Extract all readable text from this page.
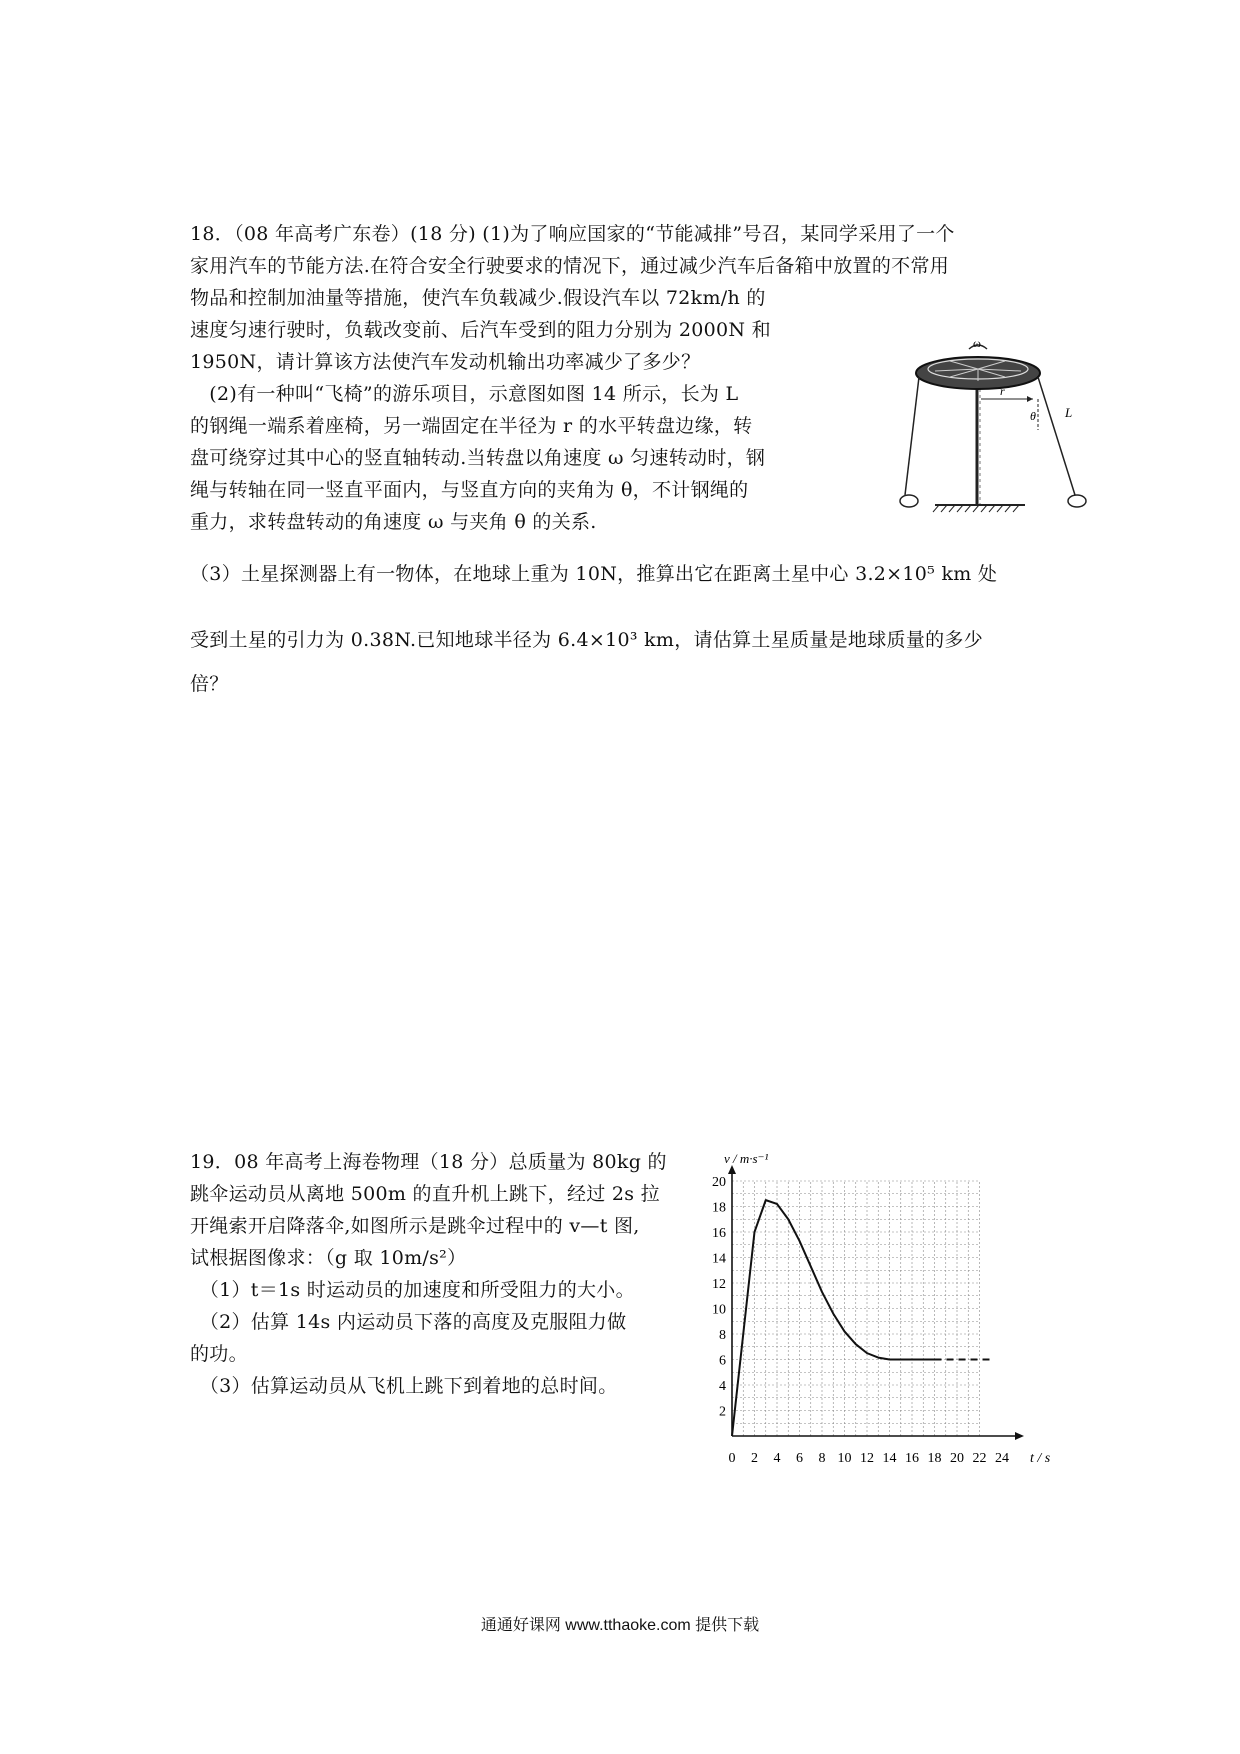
18．（08 年高考广东卷）(18 分) (1)为了响应国家的“节能减排”号召，某同学采用了一个
家用汽车的节能方法.在符合安全行驶要求的情况下，通过减少汽车后备箱中放置的不常用
物品和控制加油量等措施，使汽车负载减少.假设汽车以 72km/h 的
速度匀速行驶时，负载改变前、后汽车受到的阻力分别为 2000N 和
1950N，请计算该方法使汽车发动机输出功率减少了多少？
　(2)有一种叫“飞椅”的游乐项目，示意图如图 14 所示，长为 L
的钢绳一端系着座椅，另一端固定在半径为 r 的水平转盘边缘，转
盘可绕穿过其中心的竖直轴转动.当转盘以角速度 ω 匀速转动时，钢
绳与转轴在同一竖直平面内，与竖直方向的夹角为 θ，不计钢绳的
重力，求转盘转动的角速度 ω 与夹角 θ 的关系.
ω
r
θ L
（3）土星探测器上有一物体，在地球上重为 10N，推算出它在距离土星中心 3.2×10⁵ km 处
受到土星的引力为 0.38N.已知地球半径为 6.4×10³ km，请估算土星质量是地球质量的多少
倍？
19．08 年高考上海卷物理（18 分）总质量为 80kg 的
跳伞运动员从离地 500m 的直升机上跳下，经过 2s 拉
开绳索开启降落伞,如图所示是跳伞过程中的 v—t 图,
试根据图像求：（g 取 10m/s²）
　（1）t＝1s 时运动员的加速度和所受阻力的大小。
　（2）估算 14s 内运动员下落的高度及克服阻力做
的功。
　（3）估算运动员从飞机上跳下到着地的总时间。
0 2 4 6 8 10 12 14 16 18 20 22 24
2
4
6
8
10
12
14
16
18
20
t / s
v / m·s⁻¹
通通好课网 www.tthaoke.com 提供下载
